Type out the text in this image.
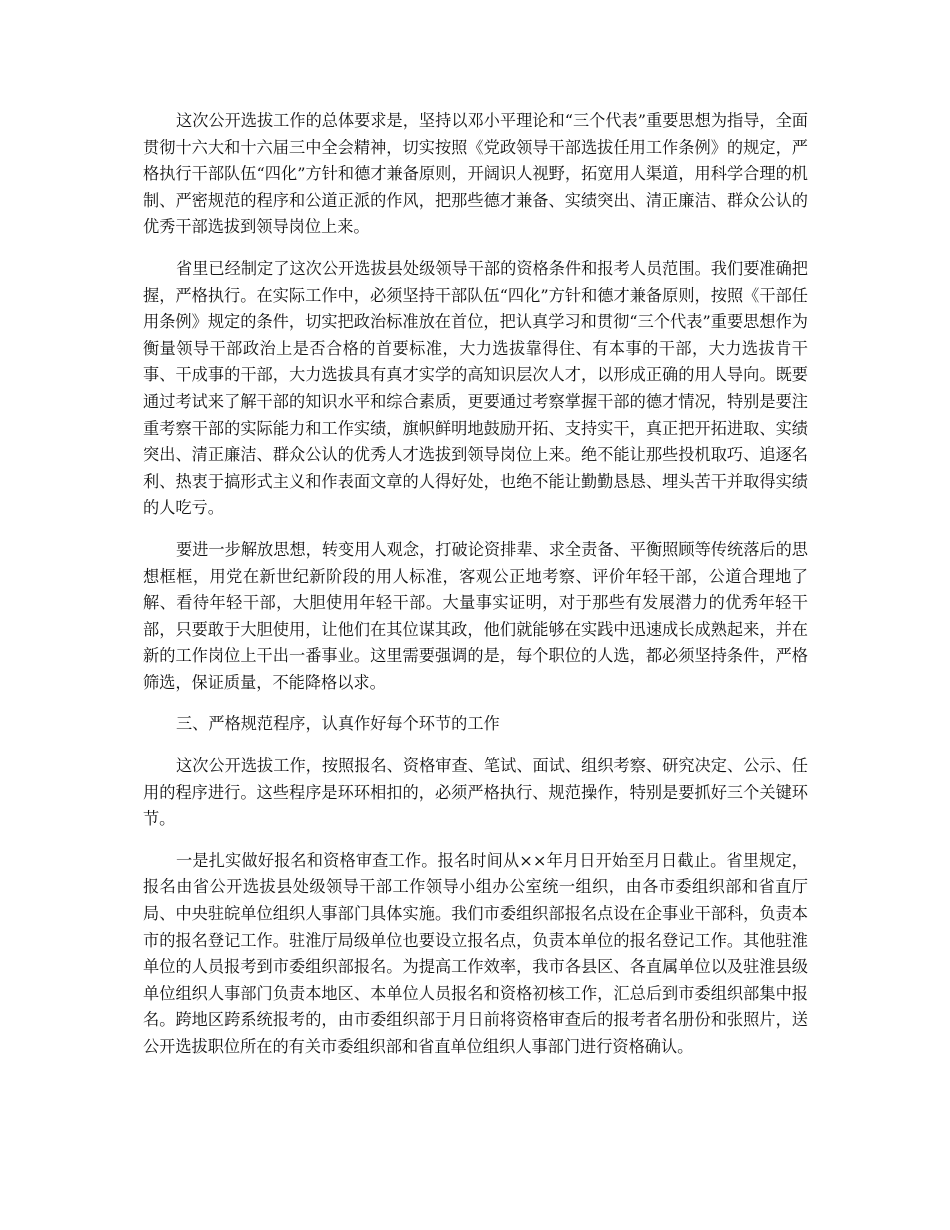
这次公开选拔工作的总体要求是，坚持以邓小平理论和“三个代表”重要思想为指导，全面贯彻十六大和十六届三中全会精神，切实按照《党政领导干部选拔任用工作条例》的规定，严格执行干部队伍“四化”方针和德才兼备原则，开阔识人视野，拓宽用人渠道，用科学合理的机制、严密规范的程序和公道正派的作风，把那些德才兼备、实绩突出、清正廉洁、群众公认的优秀干部选拔到领导岗位上来。

省里已经制定了这次公开选拔县处级领导干部的资格条件和报考人员范围。我们要准确把握，严格执行。在实际工作中，必须坚持干部队伍“四化”方针和德才兼备原则，按照《干部任用条例》规定的条件，切实把政治标准放在首位，把认真学习和贯彻“三个代表”重要思想作为衡量领导干部政治上是否合格的首要标准，大力选拔靠得住、有本事的干部，大力选拔肯干事、干成事的干部，大力选拔具有真才实学的高知识层次人才，以形成正确的用人导向。既要通过考试来了解干部的知识水平和综合素质，更要通过考察掌握干部的德才情况，特别是要注重考察干部的实际能力和工作实绩，旗帜鲜明地鼓励开拓、支持实干，真正把开拓进取、实绩突出、清正廉洁、群众公认的优秀人才选拔到领导岗位上来。绝不能让那些投机取巧、追逐名利、热衷于搞形式主义和作表面文章的人得好处，也绝不能让勤勤恳恳、埋头苦干并取得实绩的人吃亏。

要进一步解放思想，转变用人观念，打破论资排辈、求全责备、平衡照顾等传统落后的思想框框，用党在新世纪新阶段的用人标准，客观公正地考察、评价年轻干部，公道合理地了解、看待年轻干部，大胆使用年轻干部。大量事实证明，对于那些有发展潜力的优秀年轻干部，只要敢于大胆使用，让他们在其位谋其政，他们就能够在实践中迅速成长成熟起来，并在新的工作岗位上干出一番事业。这里需要强调的是，每个职位的人选，都必须坚持条件，严格筛选，保证质量，不能降格以求。

三、严格规范程序，认真作好每个环节的工作

这次公开选拔工作，按照报名、资格审查、笔试、面试、组织考察、研究决定、公示、任用的程序进行。这些程序是环环相扣的，必须严格执行、规范操作，特别是要抓好三个关键环节。

一是扎实做好报名和资格审查工作。报名时间从××年月日开始至月日截止。省里规定，报名由省公开选拔县处级领导干部工作领导小组办公室统一组织，由各市委组织部和省直厅局、中央驻皖单位组织人事部门具体实施。我们市委组织部报名点设在企事业干部科，负责本市的报名登记工作。驻淮厅局级单位也要设立报名点，负责本单位的报名登记工作。其他驻淮单位的人员报考到市委组织部报名。为提高工作效率，我市各县区、各直属单位以及驻淮县级单位组织人事部门负责本地区、本单位人员报名和资格初核工作，汇总后到市委组织部集中报名。跨地区跨系统报考的，由市委组织部于月日前将资格审查后的报考者名册份和张照片，送公开选拔职位所在的有关市委组织部和省直单位组织人事部门进行资格确认。
